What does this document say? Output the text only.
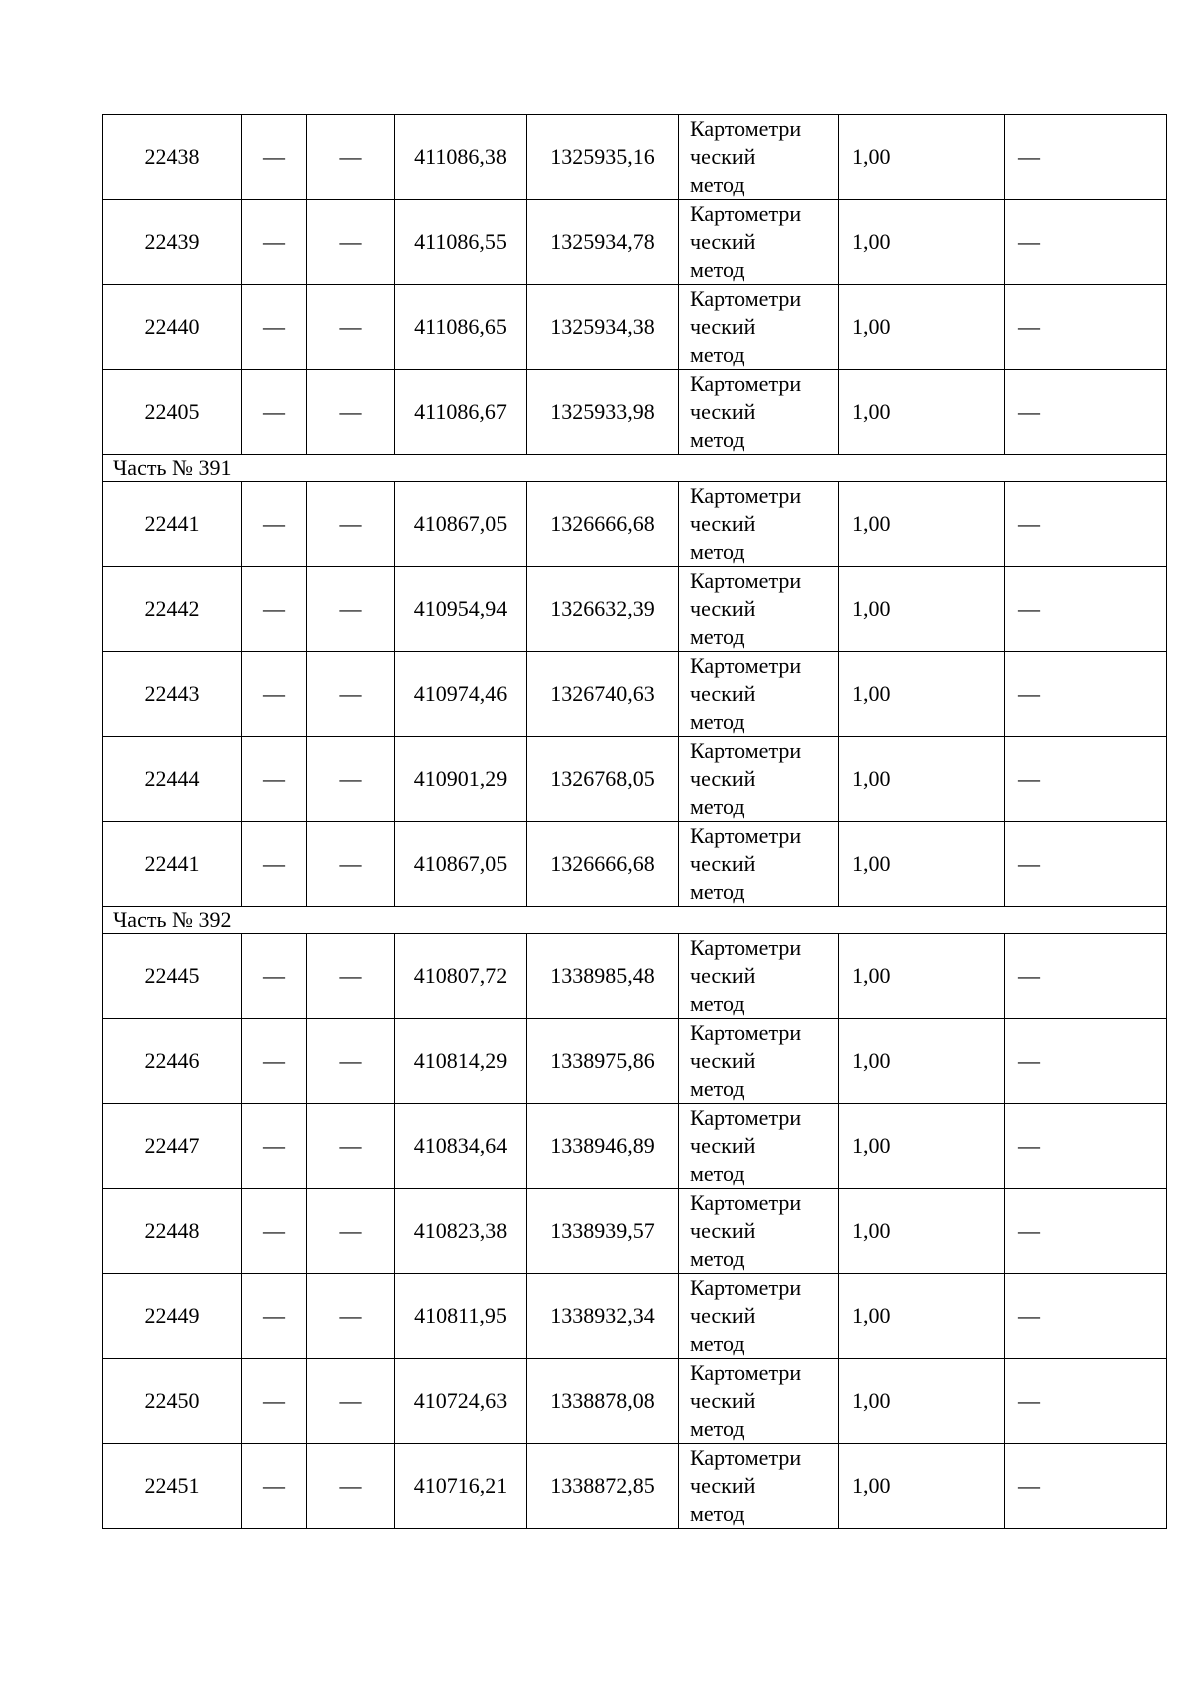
22438	—	—	411086,38	1325935,16	Картометри
ческий
метод	1,00	—
22439	—	—	411086,55	1325934,78	Картометри
ческий
метод	1,00	—
22440	—	—	411086,65	1325934,38	Картометри
ческий
метод	1,00	—
22405	—	—	411086,67	1325933,98	Картометри
ческий
метод	1,00	—
Часть № 391							
22441	—	—	410867,05	1326666,68	Картометри
ческий
метод	1,00	—
22442	—	—	410954,94	1326632,39	Картометри
ческий
метод	1,00	—
22443	—	—	410974,46	1326740,63	Картометри
ческий
метод	1,00	—
22444	—	—	410901,29	1326768,05	Картометри
ческий
метод	1,00	—
22441	—	—	410867,05	1326666,68	Картометри
ческий
метод	1,00	—
Часть № 392							
22445	—	—	410807,72	1338985,48	Картометри
ческий
метод	1,00	—
22446	—	—	410814,29	1338975,86	Картометри
ческий
метод	1,00	—
22447	—	—	410834,64	1338946,89	Картометри
ческий
метод	1,00	—
22448	—	—	410823,38	1338939,57	Картометри
ческий
метод	1,00	—
22449	—	—	410811,95	1338932,34	Картометри
ческий
метод	1,00	—
22450	—	—	410724,63	1338878,08	Картометри
ческий
метод	1,00	—
22451	—	—	410716,21	1338872,85	Картометри
ческий
метод	1,00	—
